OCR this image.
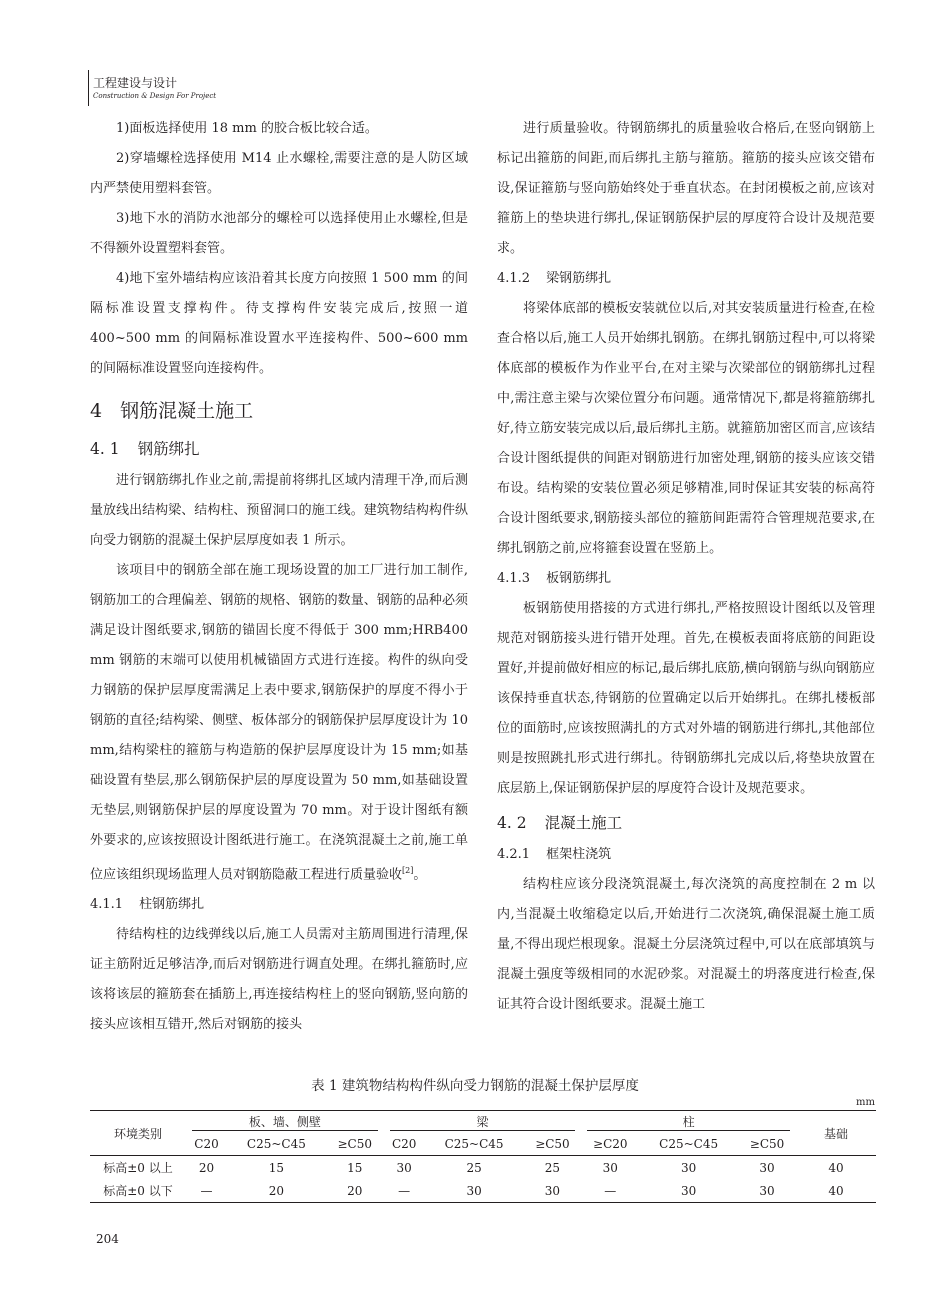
工程建设与设计
Construction & Design For Project

1)面板选择使用 18 mm 的胶合板比较合适。

2)穿墙螺栓选择使用 M14 止水螺栓,需要注意的是人防区域内严禁使用塑料套管。

3)地下水的消防水池部分的螺栓可以选择使用止水螺栓,但是不得额外设置塑料套管。

4)地下室外墙结构应该沿着其长度方向按照 1 500 mm 的间隔标准设置支撑构件。待支撑构件安装完成后,按照一道 400~500 mm 的间隔标准设置水平连接构件、500~600 mm 的间隔标准设置竖向连接构件。

4 钢筋混凝土施工
4. 1 钢筋绑扎

进行钢筋绑扎作业之前,需提前将绑扎区域内清理干净,而后测量放线出结构梁、结构柱、预留洞口的施工线。建筑物结构构件纵向受力钢筋的混凝土保护层厚度如表 1 所示。

该项目中的钢筋全部在施工现场设置的加工厂进行加工制作,钢筋加工的合理偏差、钢筋的规格、钢筋的数量、钢筋的品种必须满足设计图纸要求,钢筋的锚固长度不得低于 300 mm;HRB400 mm 钢筋的末端可以使用机械锚固方式进行连接。构件的纵向受力钢筋的保护层厚度需满足上表中要求,钢筋保护的厚度不得小于钢筋的直径;结构梁、侧壁、板体部分的钢筋保护层厚度设计为 10 mm,结构梁柱的箍筋与构造筋的保护层厚度设计为 15 mm;如基础设置有垫层,那么钢筋保护层的厚度设置为 50 mm,如基础设置无垫层,则钢筋保护层的厚度设置为 70 mm。对于设计图纸有额外要求的,应该按照设计图纸进行施工。在浇筑混凝土之前,施工单位应该组织现场监理人员对钢筋隐蔽工程进行质量验收[2]。

4.1.1 柱钢筋绑扎

待结构柱的边线弹线以后,施工人员需对主筋周围进行清理,保证主筋附近足够洁净,而后对钢筋进行调直处理。在绑扎箍筋时,应该将该层的箍筋套在插筋上,再连接结构柱上的竖向钢筋,竖向筋的接头应该相互错开,然后对钢筋的接头

进行质量验收。待钢筋绑扎的质量验收合格后,在竖向钢筋上标记出箍筋的间距,而后绑扎主筋与箍筋。箍筋的接头应该交错布设,保证箍筋与竖向筋始终处于垂直状态。在封闭模板之前,应该对箍筋上的垫块进行绑扎,保证钢筋保护层的厚度符合设计及规范要求。

4.1.2 梁钢筋绑扎

将梁体底部的模板安装就位以后,对其安装质量进行检查,在检查合格以后,施工人员开始绑扎钢筋。在绑扎钢筋过程中,可以将梁体底部的模板作为作业平台,在对主梁与次梁部位的钢筋绑扎过程中,需注意主梁与次梁位置分布问题。通常情况下,都是将箍筋绑扎好,待立筋安装完成以后,最后绑扎主筋。就箍筋加密区而言,应该结合设计图纸提供的间距对钢筋进行加密处理,钢筋的接头应该交错布设。结构梁的安装位置必须足够精准,同时保证其安装的标高符合设计图纸要求,钢筋接头部位的箍筋间距需符合管理规范要求,在绑扎钢筋之前,应将箍套设置在竖筋上。

4.1.3 板钢筋绑扎

板钢筋使用搭接的方式进行绑扎,严格按照设计图纸以及管理规范对钢筋接头进行错开处理。首先,在模板表面将底筋的间距设置好,并提前做好相应的标记,最后绑扎底筋,横向钢筋与纵向钢筋应该保持垂直状态,待钢筋的位置确定以后开始绑扎。在绑扎楼板部位的面筋时,应该按照满扎的方式对外墙的钢筋进行绑扎,其他部位则是按照跳扎形式进行绑扎。待钢筋绑扎完成以后,将垫块放置在底层筋上,保证钢筋保护层的厚度符合设计及规范要求。

4. 2 混凝土施工
4.2.1 框架柱浇筑

结构柱应该分段浇筑混凝土,每次浇筑的高度控制在 2 m 以内,当混凝土收缩稳定以后,开始进行二次浇筑,确保混凝土施工质量,不得出现烂根现象。混凝土分层浇筑过程中,可以在底部填筑与混凝土强度等级相同的水泥砂浆。对混凝土的坍落度进行检查,保证其符合设计图纸要求。混凝土施工

表 1 建筑物结构构件纵向受力钢筋的混凝土保护层厚度
mm
环境类别	板、墙、侧壁			梁			柱			基础
	C20	C25~C45	≥C50	C20	C25~C45	≥C50	≥C20	C25~C45	≥C50	
标高±0 以上	20	15	15	30	25	25	30	30	30	40
标高±0 以下	—	20	20	—	30	30	—	30	30	40
204
